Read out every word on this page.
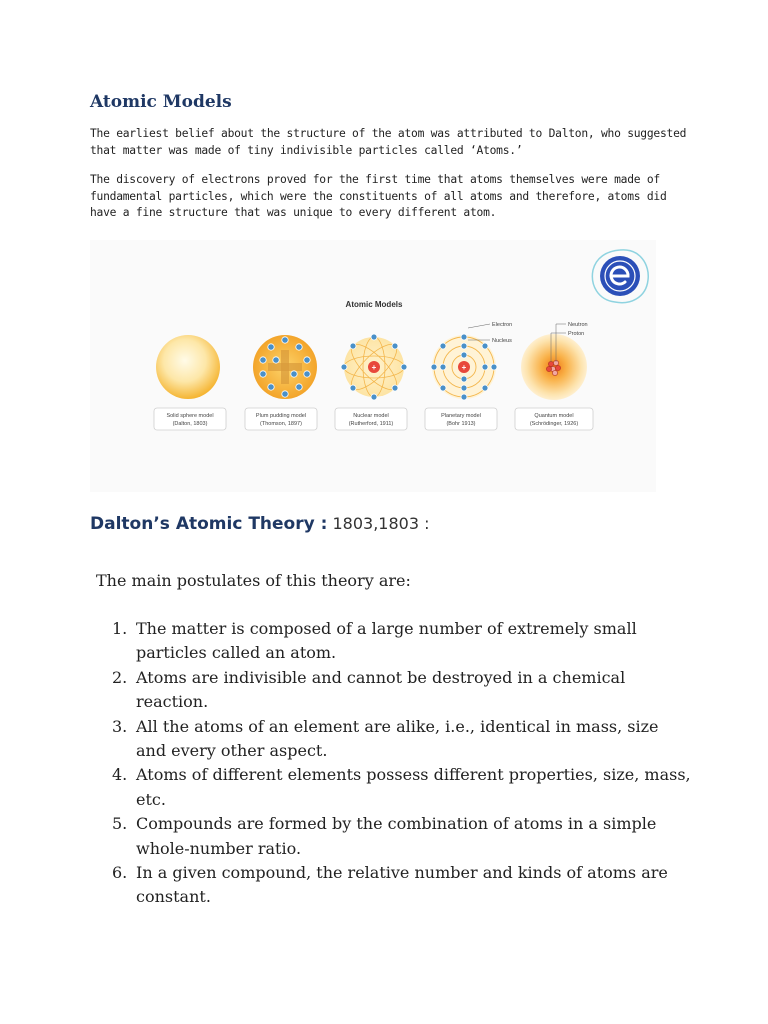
Atomic Models
The earliest belief about the structure of the atom was attributed to Dalton, who suggested that matter was made of tiny indivisible particles called ‘Atoms.’
The discovery of electrons proved for the first time that atoms themselves were made of fundamental particles, which were the constituents of all atoms and therefore, atoms did have a fine structure that was unique to every different atom.
Atomic Models
+	+
Electron
Nucleus
Neutron
Proton
Solid sphere model
(Dalton, 1803)
Plum pudding model
(Thomson, 1897)
Nuclear model
(Rutherford, 1911)
Planetary model
(Bohr 1913)
Quantum model
(Schrödinger, 1926)
Dalton’s Atomic Theory : 1803,1803 :
The main postulates of this theory are:
1. The matter is composed of a large number of extremely small particles called an atom.
2. Atoms are indivisible and cannot be destroyed in a chemical reaction.
3. All the atoms of an element are alike, i.e., identical in mass, size and every other aspect.
4. Atoms of different elements possess different properties, size, mass, etc.
5. Compounds are formed by the combination of atoms in a simple whole-number ratio.
6. In a given compound, the relative number and kinds of atoms are constant.
